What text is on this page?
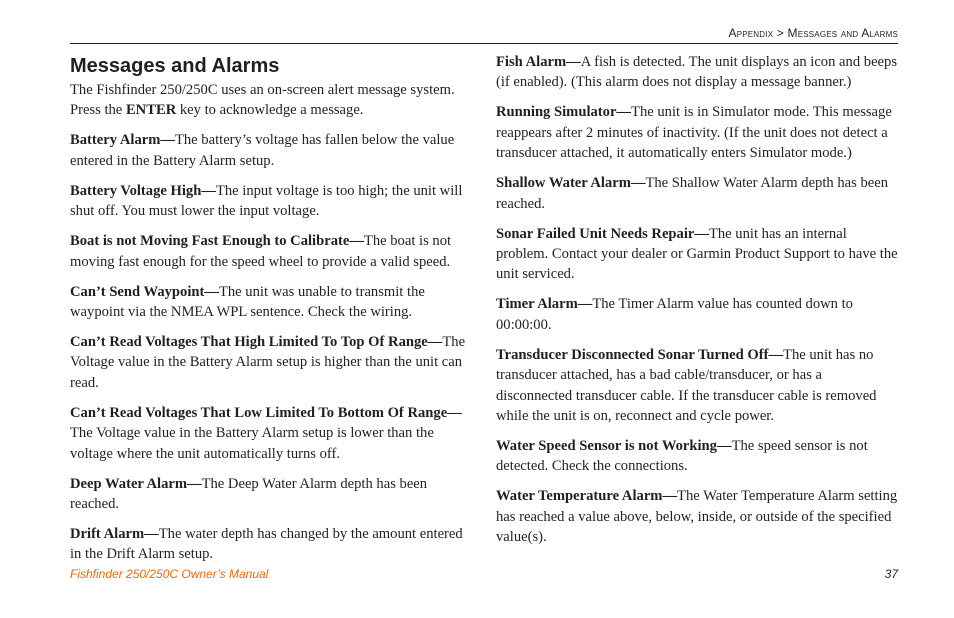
Appendix > Messages and Alarms
Messages and Alarms

The Fishfinder 250/250C uses an on-screen alert message system. Press the ENTER key to acknowledge a message.

Battery Alarm—The battery’s voltage has fallen below the value entered in the Battery Alarm setup.

Battery Voltage High—The input voltage is too high; the unit will shut off. You must lower the input voltage.

Boat is not Moving Fast Enough to Calibrate—The boat is not moving fast enough for the speed wheel to provide a valid speed.

Can’t Send Waypoint—The unit was unable to transmit the waypoint via the NMEA WPL sentence. Check the wiring.

Can’t Read Voltages That High Limited To Top Of Range—The Voltage value in the Battery Alarm setup is higher than the unit can read.

Can’t Read Voltages That Low Limited To Bottom Of Range—The Voltage value in the Battery Alarm setup is lower than the voltage where the unit automatically turns off.

Deep Water Alarm—The Deep Water Alarm depth has been reached.

Drift Alarm—The water depth has changed by the amount entered in the Drift Alarm setup.

Fish Alarm—A fish is detected. The unit displays an icon and beeps (if enabled). (This alarm does not display a message banner.)

Running Simulator—The unit is in Simulator mode. This message reappears after 2 minutes of inactivity. (If the unit does not detect a transducer attached, it automatically enters Simulator mode.)

Shallow Water Alarm—The Shallow Water Alarm depth has been reached.

Sonar Failed Unit Needs Repair—The unit has an internal problem. Contact your dealer or Garmin Product Support to have the unit serviced.

Timer Alarm—The Timer Alarm value has counted down to 00:00:00.

Transducer Disconnected Sonar Turned Off—The unit has no transducer attached, has a bad cable/transducer, or has a disconnected transducer cable. If the transducer cable is removed while the unit is on, reconnect and cycle power.

Water Speed Sensor is not Working—The speed sensor is not detected. Check the connections.

Water Temperature Alarm—The Water Temperature Alarm setting has reached a value above, below, inside, or outside of the specified value(s).

Fishfinder 250/250C Owner’s Manual	37
